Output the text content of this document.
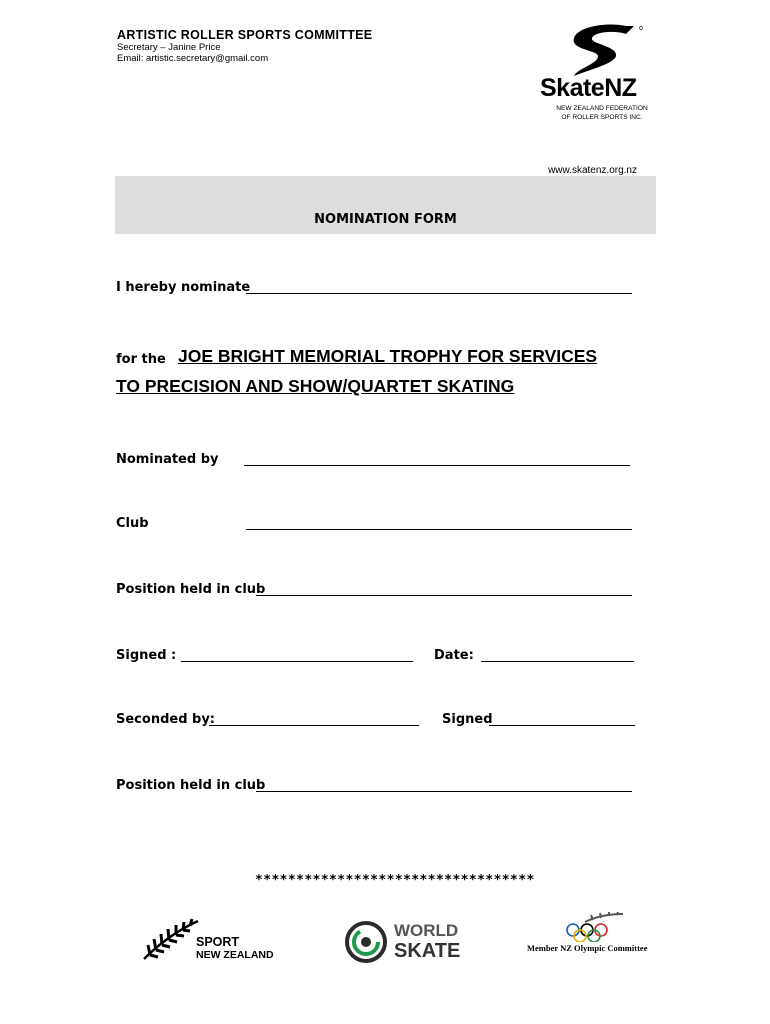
ARTISTIC ROLLER SPORTS COMMITTEE
Secretary – Janine Price
Email: artistic.secretary@gmail.com
SkateNZ
NEW ZEALAND FEDERATION
OF ROLLER SPORTS INC.
www.skatenz.org.nz
NOMINATION FORM
I hereby nominate
for the JOE BRIGHT MEMORIAL TROPHY FOR SERVICES
TO PRECISION AND SHOW/QUARTET SKATING
Nominated by
Club
Position held in club
Signed :	Date:
Seconded by:	Signed
Position held in club
**********************************
SPORT
NEW ZEALAND
WORLD
SKATE	Member NZ Olympic Committee
